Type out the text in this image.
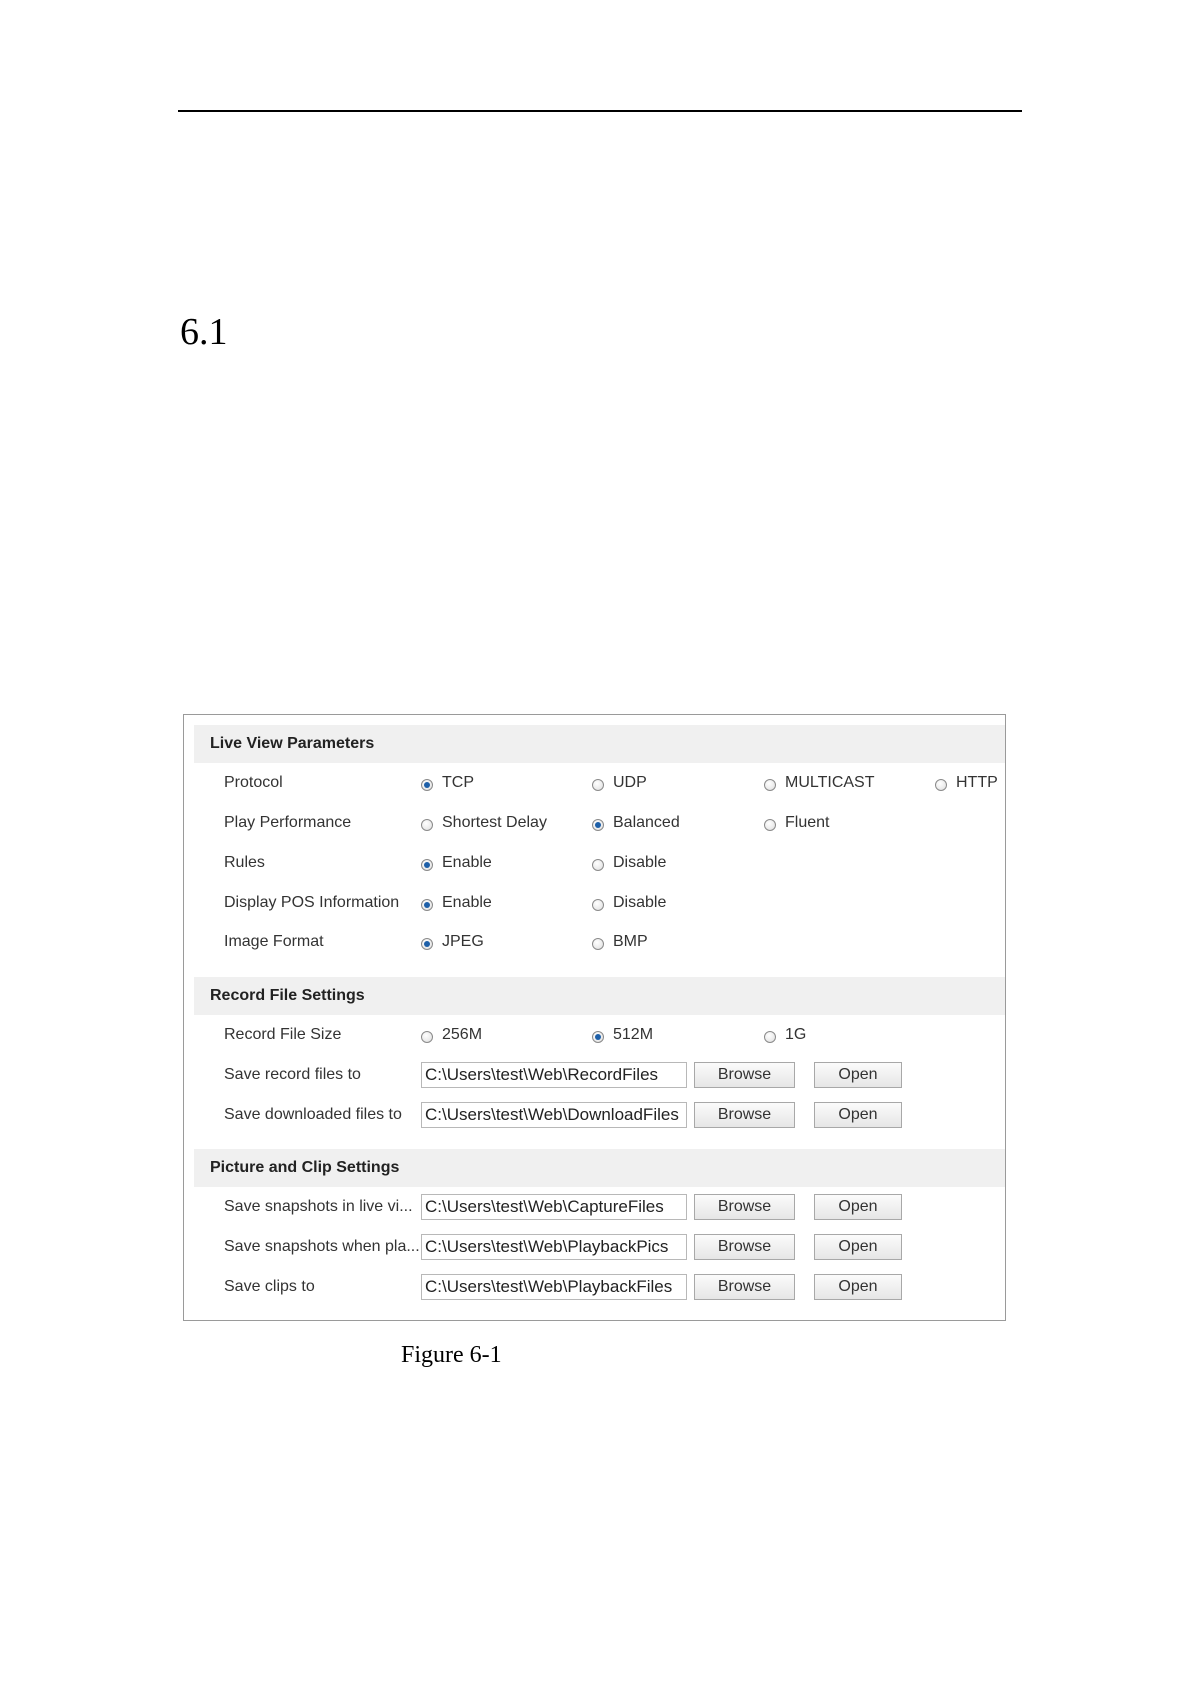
6.1
Live View Parameters
Protocol	TCP	UDP	MULTICAST	HTTP
Play Performance	Shortest Delay	Balanced	Fluent
Rules	Enable	Disable
Display POS Information	Enable	Disable
Image Format	JPEG	BMP
Record File Settings
Record File Size	256M	512M	1G
Save record files to	C:\Users\test\Web\RecordFiles	Browse	Open
Save downloaded files to	C:\Users\test\Web\DownloadFiles	Browse	Open
Picture and Clip Settings
Save snapshots in live vi... C:\Users\test\Web\CaptureFiles	Browse	Open
Save snapshots when pla... C:\Users\test\Web\PlaybackPics	Browse	Open
Save clips to	C:\Users\test\Web\PlaybackFiles	Browse	Open
Figure 6-1
